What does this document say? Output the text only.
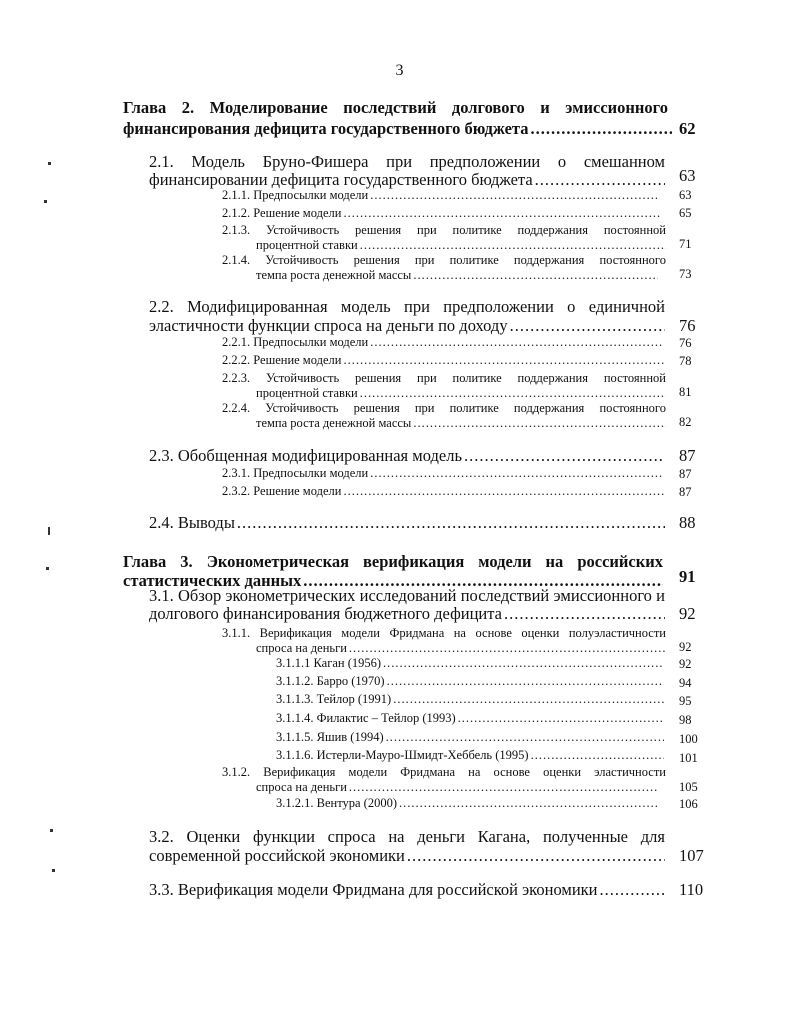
3
Глава 2. Моделирование последствий долгового и эмиссионного
финансирования дефицита государственного бюджета .....	62
2.1. Модель Бруно-Фишера при предположении о смешанном
финансировании дефицита государственного бюджета .....	63
2.1.1. Предпосылки модели .....	63
2.1.2. Решение модели .....	65
2.1.3. Устойчивость решения при политике поддержания постоянной
процентной ставки .....	71
2.1.4. Устойчивость решения при политике поддержания постоянного
темпа роста денежной массы .....	73
2.2. Модифицированная модель при предположении о единичной
эластичности функции спроса на деньги по доходу .....	76
2.2.1. Предпосылки модели .....	76
2.2.2. Решение модели .....	78
2.2.3. Устойчивость решения при политике поддержания постоянной
процентной ставки .....	81
2.2.4. Устойчивость решения при политике поддержания постоянного
темпа роста денежной массы .....	82
2.3. Обобщенная модифицированная модель .....	87
2.3.1. Предпосылки модели .....	87
2.3.2. Решение модели .....	87
2.4. Выводы .....	88
Глава 3. Эконометрическая верификация модели на российских
статистических данных .....	91
3.1. Обзор эконометрических исследований последствий эмиссионного и
долгового финансирования бюджетного дефицита .....	92
3.1.1. Верификация модели Фридмана на основе оценки полуэластичности
спроса на деньги .....	92
3.1.1.1 Каган (1956) .....	92
3.1.1.2. Барро (1970) .....	94
3.1.1.3. Тейлор (1991) .....	95
3.1.1.4. Филактис – Тейлор (1993) .....	98
3.1.1.5. Яшив (1994) .....	100
3.1.1.6. Истерли-Мауро-Шмидт-Хеббель (1995) .....	101
3.1.2. Верификация модели Фридмана на основе оценки эластичности
спроса на деньги .....	105
3.1.2.1. Вентура (2000) .....	106
3.2. Оценки функции спроса на деньги Кагана, полученные для
современной российской экономики .....	107
3.3. Верификация модели Фридмана для российской экономики .....	110
